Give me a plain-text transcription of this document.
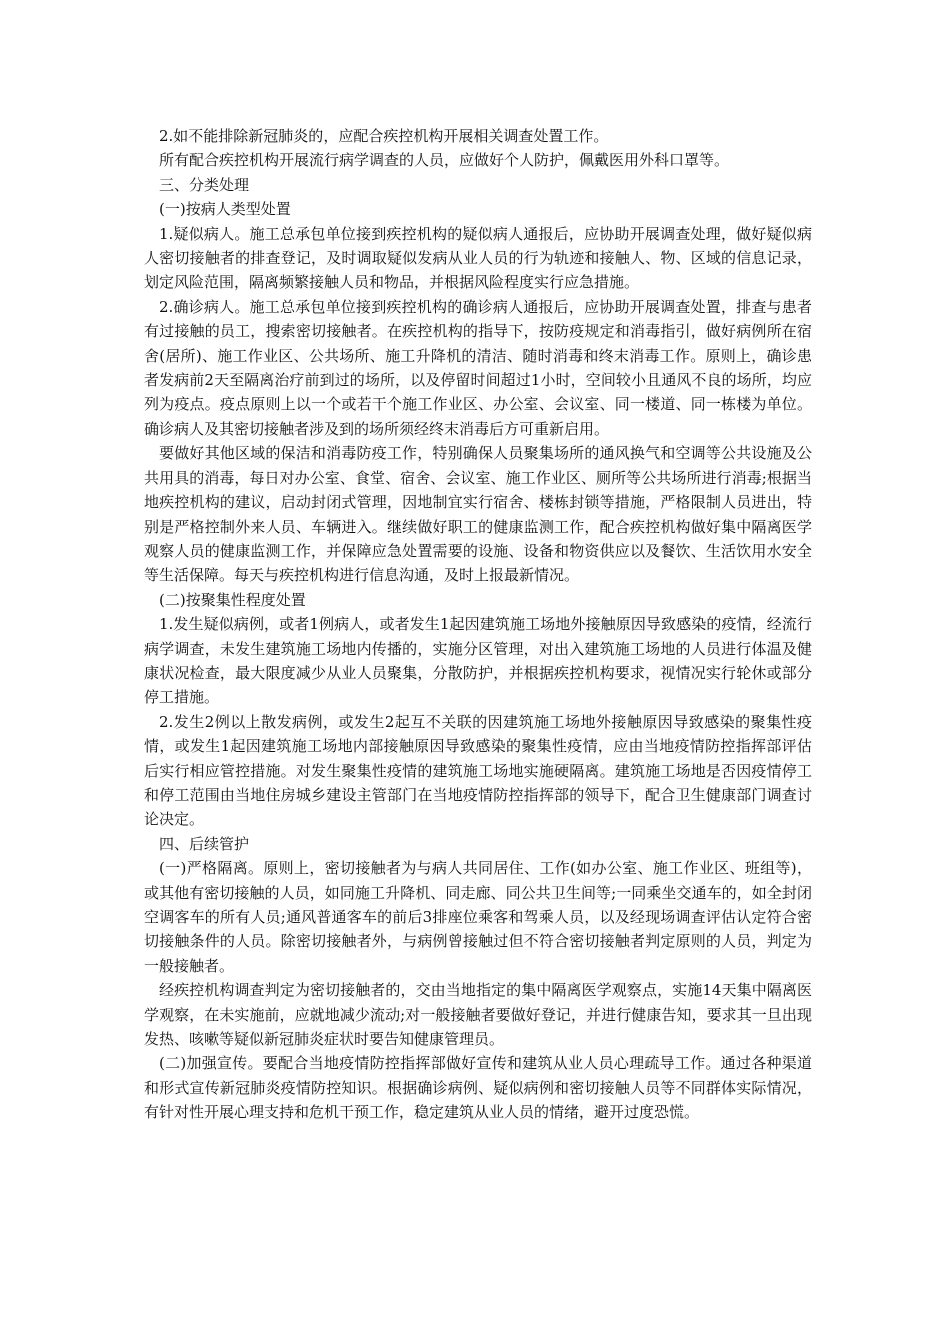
2.如不能排除新冠肺炎的，应配合疾控机构开展相关调查处置工作。

所有配合疾控机构开展流行病学调查的人员，应做好个人防护，佩戴医用外科口罩等。

三、分类处理

(一)按病人类型处置

1.疑似病人。施工总承包单位接到疾控机构的疑似病人通报后，应协助开展调查处理，做好疑似病人密切接触者的排查登记，及时调取疑似发病从业人员的行为轨迹和接触人、物、区域的信息记录，划定风险范围，隔离频繁接触人员和物品，并根据风险程度实行应急措施。

2.确诊病人。施工总承包单位接到疾控机构的确诊病人通报后，应协助开展调查处置，排查与患者有过接触的员工，搜索密切接触者。在疾控机构的指导下，按防疫规定和消毒指引，做好病例所在宿舍(居所)、施工作业区、公共场所、施工升降机的清洁、随时消毒和终末消毒工作。原则上，确诊患者发病前2天至隔离治疗前到过的场所，以及停留时间超过1小时，空间较小且通风不良的场所，均应列为疫点。疫点原则上以一个或若干个施工作业区、办公室、会议室、同一楼道、同一栋楼为单位。确诊病人及其密切接触者涉及到的场所须经终末消毒后方可重新启用。

要做好其他区域的保洁和消毒防疫工作，特别确保人员聚集场所的通风换气和空调等公共设施及公共用具的消毒，每日对办公室、食堂、宿舍、会议室、施工作业区、厕所等公共场所进行消毒;根据当地疾控机构的建议，启动封闭式管理，因地制宜实行宿舍、楼栋封锁等措施，严格限制人员进出，特别是严格控制外来人员、车辆进入。继续做好职工的健康监测工作，配合疾控机构做好集中隔离医学观察人员的健康监测工作，并保障应急处置需要的设施、设备和物资供应以及餐饮、生活饮用水安全等生活保障。每天与疾控机构进行信息沟通，及时上报最新情况。

(二)按聚集性程度处置

1.发生疑似病例，或者1例病人，或者发生1起因建筑施工场地外接触原因导致感染的疫情，经流行病学调查，未发生建筑施工场地内传播的，实施分区管理，对出入建筑施工场地的人员进行体温及健康状况检查，最大限度减少从业人员聚集，分散防护，并根据疾控机构要求，视情况实行轮休或部分停工措施。

2.发生2例以上散发病例，或发生2起互不关联的因建筑施工场地外接触原因导致感染的聚集性疫情，或发生1起因建筑施工场地内部接触原因导致感染的聚集性疫情，应由当地疫情防控指挥部评估后实行相应管控措施。对发生聚集性疫情的建筑施工场地实施硬隔离。建筑施工场地是否因疫情停工和停工范围由当地住房城乡建设主管部门在当地疫情防控指挥部的领导下，配合卫生健康部门调查讨论决定。

四、后续管护

(一)严格隔离。原则上，密切接触者为与病人共同居住、工作(如办公室、施工作业区、班组等)，或其他有密切接触的人员，如同施工升降机、同走廊、同公共卫生间等;一同乘坐交通车的，如全封闭空调客车的所有人员;通风普通客车的前后3排座位乘客和驾乘人员，以及经现场调查评估认定符合密切接触条件的人员。除密切接触者外，与病例曾接触过但不符合密切接触者判定原则的人员，判定为一般接触者。

经疾控机构调查判定为密切接触者的，交由当地指定的集中隔离医学观察点，实施14天集中隔离医学观察，在未实施前，应就地减少流动;对一般接触者要做好登记，并进行健康告知，要求其一旦出现发热、咳嗽等疑似新冠肺炎症状时要告知健康管理员。

(二)加强宣传。要配合当地疫情防控指挥部做好宣传和建筑从业人员心理疏导工作。通过各种渠道和形式宣传新冠肺炎疫情防控知识。根据确诊病例、疑似病例和密切接触人员等不同群体实际情况，有针对性开展心理支持和危机干预工作，稳定建筑从业人员的情绪，避开过度恐慌。
